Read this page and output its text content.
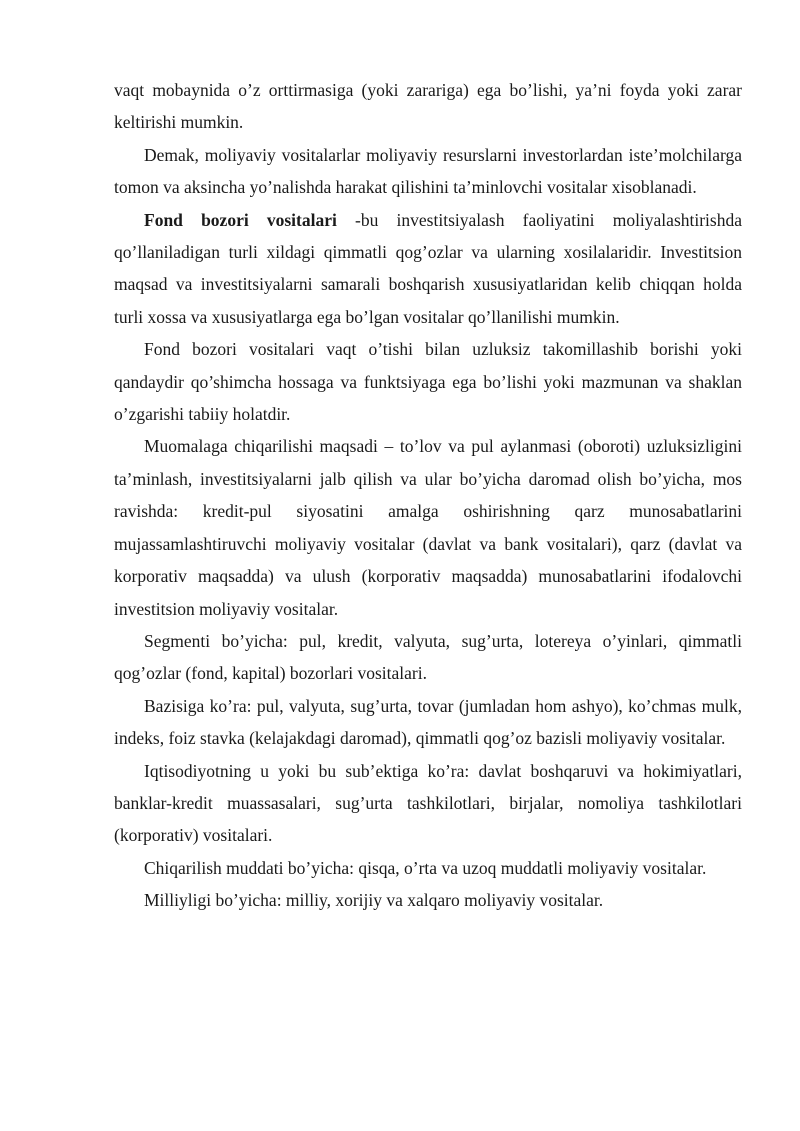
vaqt mobaynida o’z orttirmasiga (yoki zarariga) ega bo’lishi, ya’ni foyda yoki zarar keltirishi mumkin.

Demak, moliyaviy vositalarlar moliyaviy resurslarni investorlardan iste’molchilarga tomon va aksincha yo’nalishda harakat qilishini ta’minlovchi vositalar xisoblanadi.

Fond bozori vositalari -bu investitsiyalash faoliyatini moliyalashtirishda qo’llaniladigan turli xildagi qimmatli qog’ozlar va ularning xosilalaridir. Investitsion maqsad va investitsiyalarni samarali boshqarish xususiyatlaridan kelib chiqqan holda turli xossa va xususiyatlarga ega bo’lgan vositalar qo’llanilishi mumkin.

Fond bozori vositalari vaqt o’tishi bilan uzluksiz takomillashib borishi yoki qandaydir qo’shimcha hossaga va funktsiyaga ega bo’lishi yoki mazmunan va shaklan o’zgarishi tabiiy holatdir.

Muomalaga chiqarilishi maqsadi – to’lov va pul aylanmasi (oboroti) uzluksizligini ta’minlash, investitsiyalarni jalb qilish va ular bo’yicha daromad olish bo’yicha, mos ravishda: kredit-pul siyosatini amalga oshirishning qarz munosabatlarini mujassamlashtiruvchi moliyaviy vositalar (davlat va bank vositalari), qarz (davlat va korporativ maqsadda) va ulush (korporativ maqsadda) munosabatlarini ifodalovchi investitsion moliyaviy vositalar.

Segmenti bo’yicha: pul, kredit, valyuta, sug’urta, lotereya o’yinlari, qimmatli qog’ozlar (fond, kapital) bozorlari vositalari.

Bazisiga ko’ra: pul, valyuta, sug’urta, tovar (jumladan hom ashyo), ko’chmas mulk, indeks, foiz stavka (kelajakdagi daromad), qimmatli qog’oz bazisli moliyaviy vositalar.

Iqtisodiyotning u yoki bu sub’ektiga ko’ra: davlat boshqaruvi va hokimiyatlari, banklar-kredit muassasalari, sug’urta tashkilotlari, birjalar, nomoliya tashkilotlari (korporativ) vositalari.

Chiqarilish muddati bo’yicha: qisqa, o’rta va uzoq muddatli moliyaviy vositalar.

Milliyligi bo’yicha: milliy, xorijiy va xalqaro moliyaviy vositalar.
